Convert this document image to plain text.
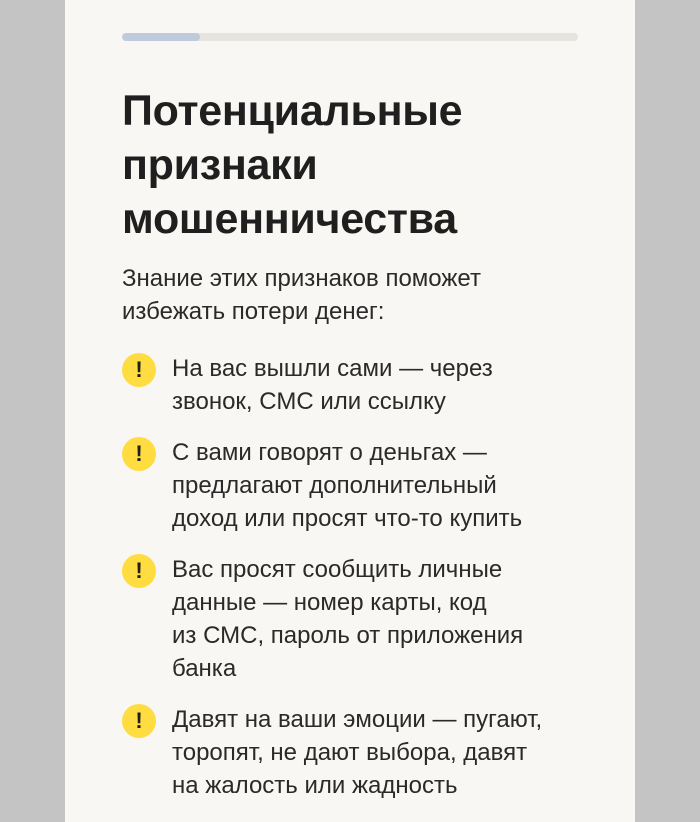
Потенциальные
признаки
мошенничества

Знание этих признаков поможет
избежать потери денег:

!	На вас вышли сами — через
звонок, СМС или ссылку
!	С вами говорят о деньгах —
предлагают дополнительный
доход или просят что-то купить
!	Вас просят сообщить личные
данные — номер карты, код
из СМС, пароль от приложения
банка
!	Давят на ваши эмоции — пугают,
торопят, не дают выбора, давят
на жалость или жадность
